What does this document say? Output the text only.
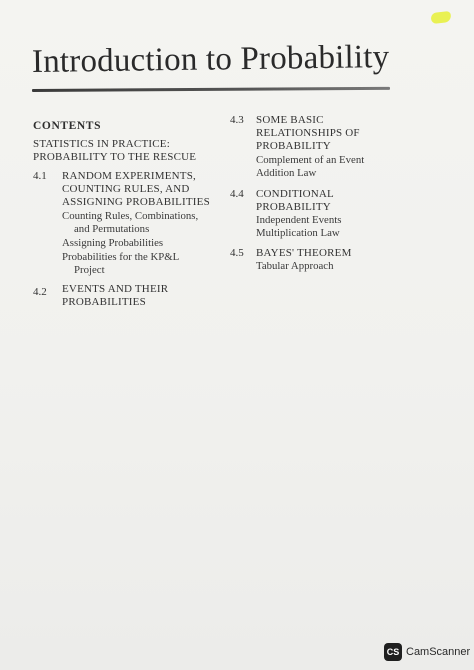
Introduction to Probability
CONTENTS
STATISTICS IN PRACTICE:
PROBABILITY TO THE RESCUE
4.1 RANDOM EXPERIMENTS,
COUNTING RULES, AND
ASSIGNING PROBABILITIES
Counting Rules, Combinations,
and Permutations
Assigning Probabilities
Probabilities for the KP&L
Project
4.2 EVENTS AND THEIR
PROBABILITIES
4.3 SOME BASIC
RELATIONSHIPS OF
PROBABILITY
Complement of an Event
Addition Law
4.4 CONDITIONAL
PROBABILITY
Independent Events
Multiplication Law
4.5 BAYES' THEOREM
Tabular Approach
CS CamScanner
